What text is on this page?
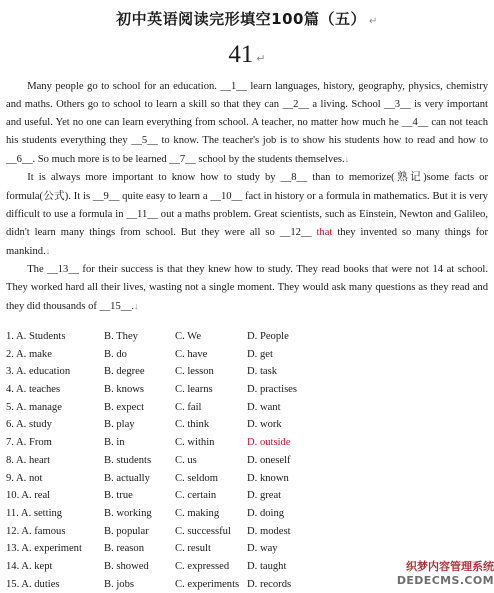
初中英语阅读完形填空100篇（五） ↵
41 ↵

Many people go to school for an education. __1__ learn languages, history, geography, physics, chemistry and maths. Others go to school to learn a skill so that they can __2__ a living. School __3__ is very important and useful. Yet no one can learn everything from school. A teacher, no matter how much he __4__ can not teach his students everything they __5__ to know. The teacher's job is to show his students how to read and how to __6__. So much more is to be learned __7__ school by the students themselves.↓

It is always more important to know how to study by __8__ than to memorize(熟记)some facts or formula(公式). It is __9__ quite easy to learn a __10__ fact in history or a formula in mathematics. But it is very difficult to use a formula in __11__ out a maths problem. Great scientists, such as Einstein, Newton and Galileo, didn't learn many things from school. But they were all so __12__ that they invented so many things for mankind.↓

The __13__ for their success is that they knew how to study. They read books that were not 14 at school. They worked hard all their lives, wasting not a single moment. They would ask many questions as they read and they did thousands of __15__.↓

1. A. Students	B. They	C. We	D. People
2. A. make	B. do	C. have	D. get
3. A. education	B. degree	C. lesson	D. task
4. A. teaches	B. knows	C. learns	D. practises
5. A. manage	B. expect	C. fail	D. want
6. A. study	B. play	C. think	D. work
7. A. From	B. in	C. within	D. outside
8. A. heart	B. students	C. us	D. oneself
9. A. not	B. actually	C. seldom	D. known
10. A. real	B. true	C. certain	D. great
11. A. setting	B. working	C. making	D. doing
12. A. famous	B. popular	C. successful	D. modest
13. A. experiment	B. reason	C. result	D. way
14. A. kept	B. showed	C. expressed	D. taught
15. A. duties	B. jobs	C. experiments D. records
织梦内容管理系统
DEDECMS.COM
